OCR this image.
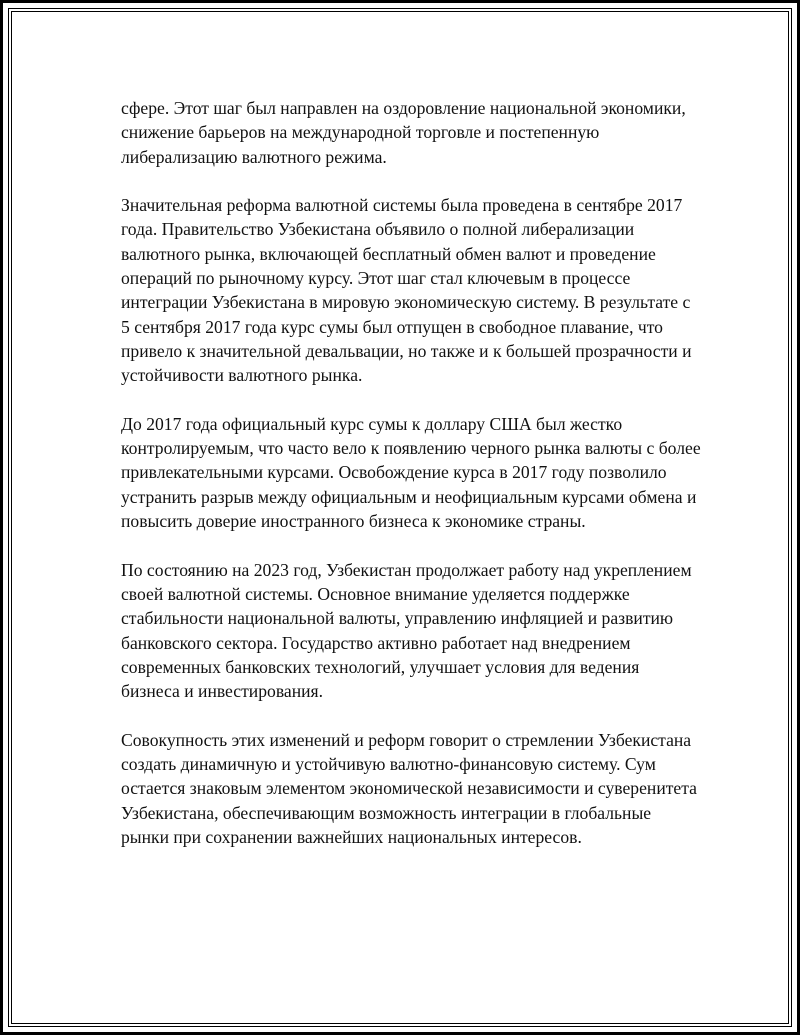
сфере. Этот шаг был направлен на оздоровление национальной экономики, снижение барьеров на международной торговле и постепенную либерализацию валютного режима.

Значительная реформа валютной системы была проведена в сентябре 2017 года. Правительство Узбекистана объявило о полной либерализации валютного рынка, включающей бесплатный обмен валют и проведение операций по рыночному курсу. Этот шаг стал ключевым в процессе интеграции Узбекистана в мировую экономическую систему. В результате с 5 сентября 2017 года курс сумы был отпущен в свободное плавание, что привело к значительной девальвации, но также и к большей прозрачности и устойчивости валютного рынка.

До 2017 года официальный курс сумы к доллару США был жестко контролируемым, что часто вело к появлению черного рынка валюты с более привлекательными курсами. Освобождение курса в 2017 году позволило устранить разрыв между официальным и неофициальным курсами обмена и повысить доверие иностранного бизнеса к экономике страны.

По состоянию на 2023 год, Узбекистан продолжает работу над укреплением своей валютной системы. Основное внимание уделяется поддержке стабильности национальной валюты, управлению инфляцией и развитию банковского сектора. Государство активно работает над внедрением современных банковских технологий, улучшает условия для ведения бизнеса и инвестирования.

Совокупность этих изменений и реформ говорит о стремлении Узбекистана создать динамичную и устойчивую валютно-финансовую систему. Сум остается знаковым элементом экономической независимости и суверенитета Узбекистана, обеспечивающим возможность интеграции в глобальные рынки при сохранении важнейших национальных интересов.
